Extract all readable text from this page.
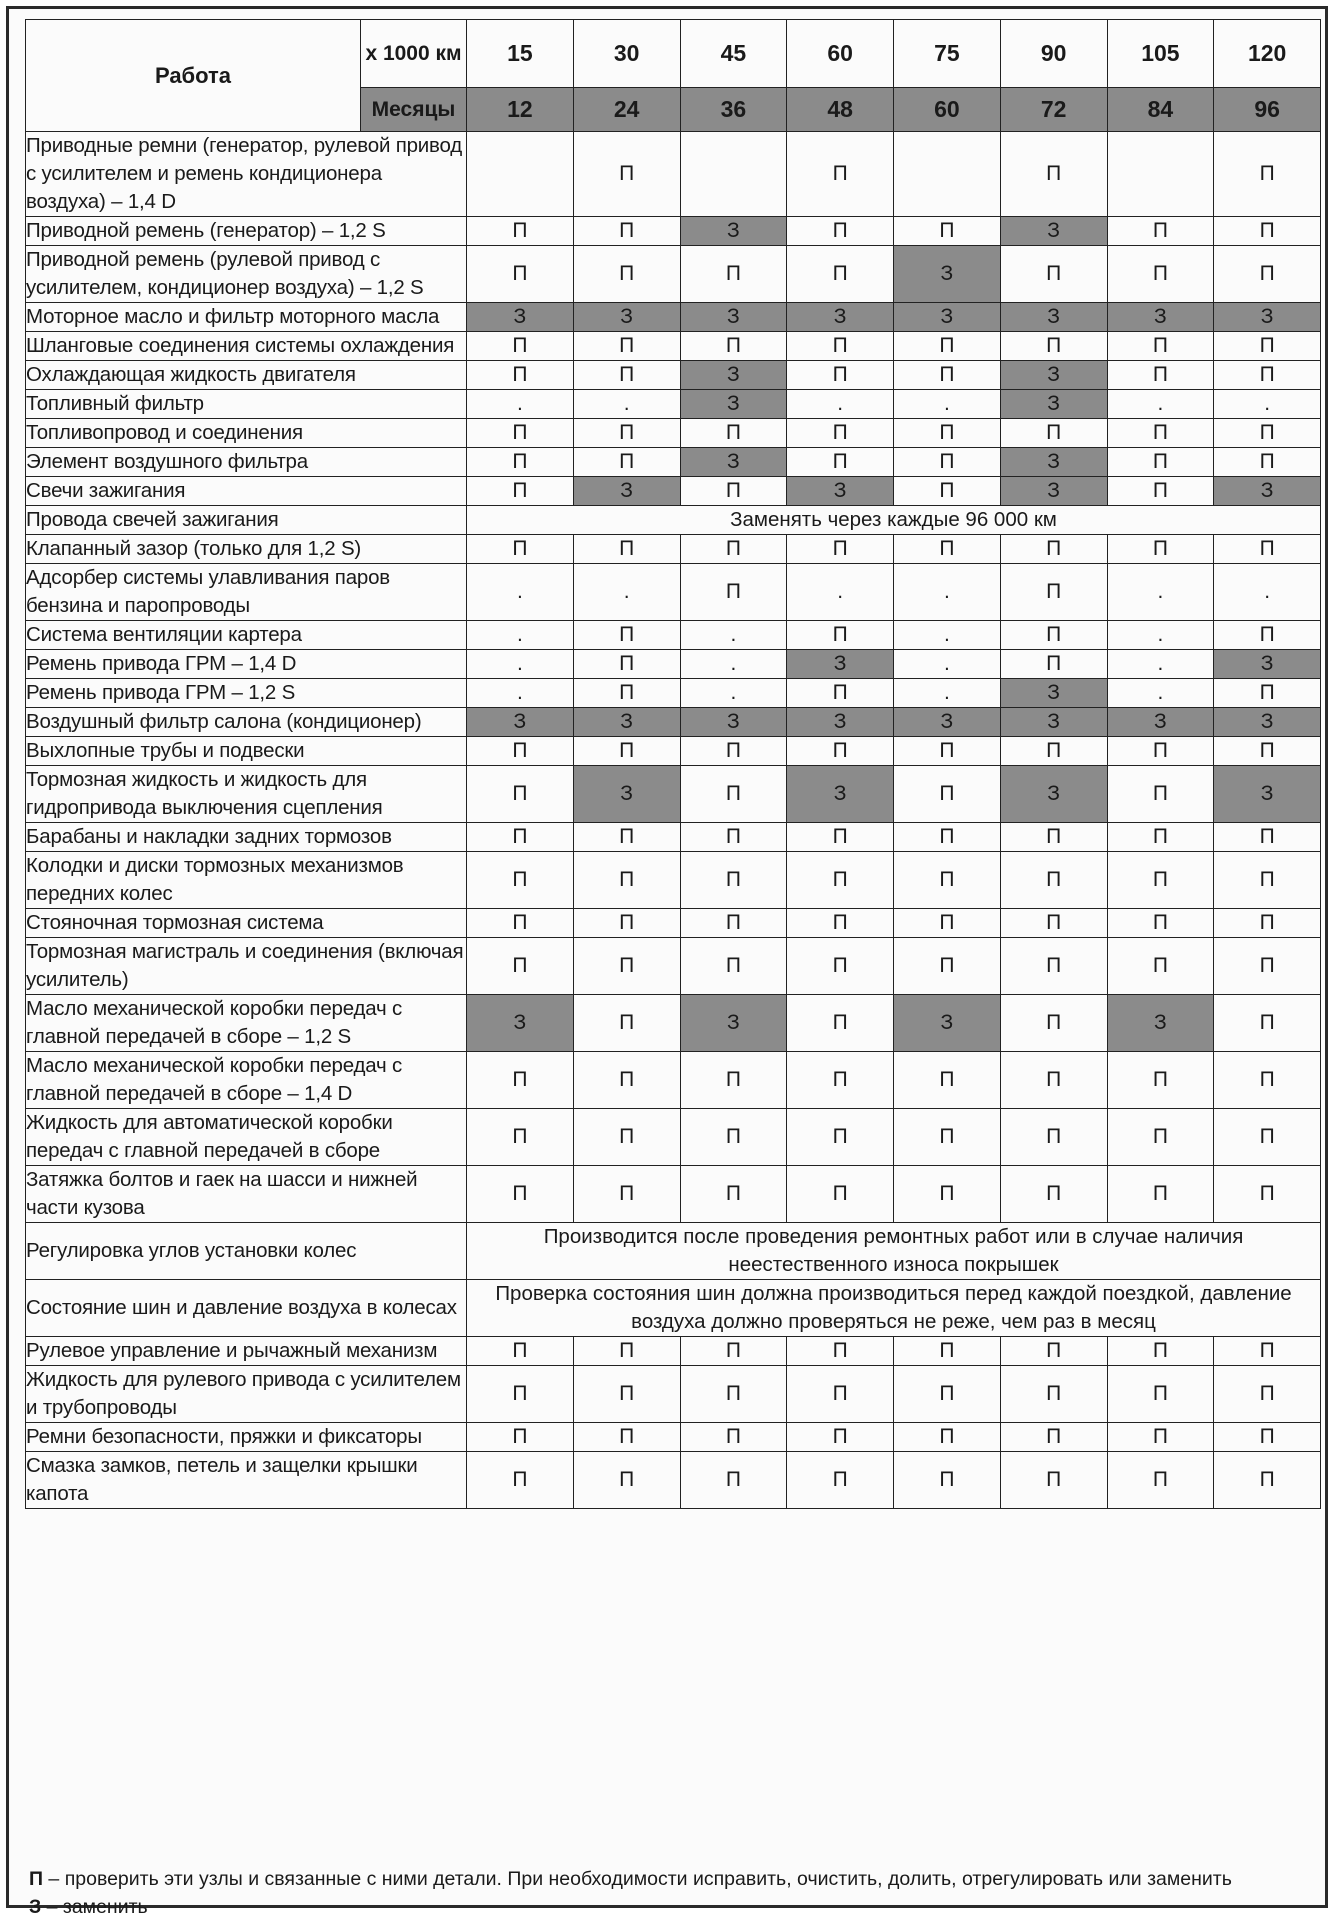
Работа	x 1000 км	15	30	45	60	75	90	105	120
	Месяцы	12	24	36	48	60	72	84	96
Приводные ремни (генератор, рулевой привод с усилителем и ремень кондиционера воздуха) – 1,4 D			П		П		П		П
Приводной ремень (генератор) – 1,2 S		П	П	З	П	П	З	П	П
Приводной ремень (рулевой привод с усилителем, кондиционер воздуха) – 1,2 S		П	П	П	П	З	П	П	П
Моторное масло и фильтр моторного масла		З	З	З	З	З	З	З	З
Шланговые соединения системы охлаждения		П	П	П	П	П	П	П	П
Охлаждающая жидкость двигателя		П	П	З	П	П	З	П	П
Топливный фильтр		.	.	З	.	.	З	.	.
Топливопровод и соединения		П	П	П	П	П	П	П	П
Элемент воздушного фильтра		П	П	З	П	П	З	П	П
Свечи зажигания		П	З	П	З	П	З	П	З
Провода свечей зажигания		Заменять через каждые 96 000 км							
Клапанный зазор (только для 1,2 S)		П	П	П	П	П	П	П	П
Адсорбер системы улавливания паров бензина и паропроводы		.	.	П	.	.	П	.	.
Система вентиляции картера		.	П	.	П	.	П	.	П
Ремень привода ГРМ – 1,4 D		.	П	.	З	.	П	.	З
Ремень привода ГРМ – 1,2 S		.	П	.	П	.	З	.	П
Воздушный фильтр салона (кондиционер)		З	З	З	З	З	З	З	З
Выхлопные трубы и подвески		П	П	П	П	П	П	П	П
Тормозная жидкость и жидкость для гидропривода выключения сцепления		П	З	П	З	П	З	П	З
Барабаны и накладки задних тормозов		П	П	П	П	П	П	П	П
Колодки и диски тормозных механизмов передних колес		П	П	П	П	П	П	П	П
Стояночная тормозная система		П	П	П	П	П	П	П	П
Тормозная магистраль и соединения (включая усилитель)		П	П	П	П	П	П	П	П
Масло механической коробки передач с главной передачей в сборе – 1,2 S		З	П	З	П	З	П	З	П
Масло механической коробки передач с главной передачей в сборе – 1,4 D		П	П	П	П	П	П	П	П
Жидкость для автоматической коробки передач с главной передачей в сборе		П	П	П	П	П	П	П	П
Затяжка болтов и гаек на шасси и нижней части кузова		П	П	П	П	П	П	П	П
Регулировка углов установки колес		Производится после проведения ремонтных работ или в случае наличия неестественного износа покрышек							
Состояние шин и давление воздуха в колесах		Проверка состояния шин должна производиться перед каждой поездкой, давление воздуха должно проверяться не реже, чем раз в месяц							
Рулевое управление и рычажный механизм		П	П	П	П	П	П	П	П
Жидкость для рулевого привода с усилителем и трубопроводы		П	П	П	П	П	П	П	П
Ремни безопасности, пряжки и фиксаторы		П	П	П	П	П	П	П	П
Смазка замков, петель и защелки крышки капота		П	П	П	П	П	П	П	П
П – проверить эти узлы и связанные с ними детали. При необходимости исправить, очистить, долить, отрегулировать или заменить
З – заменить
